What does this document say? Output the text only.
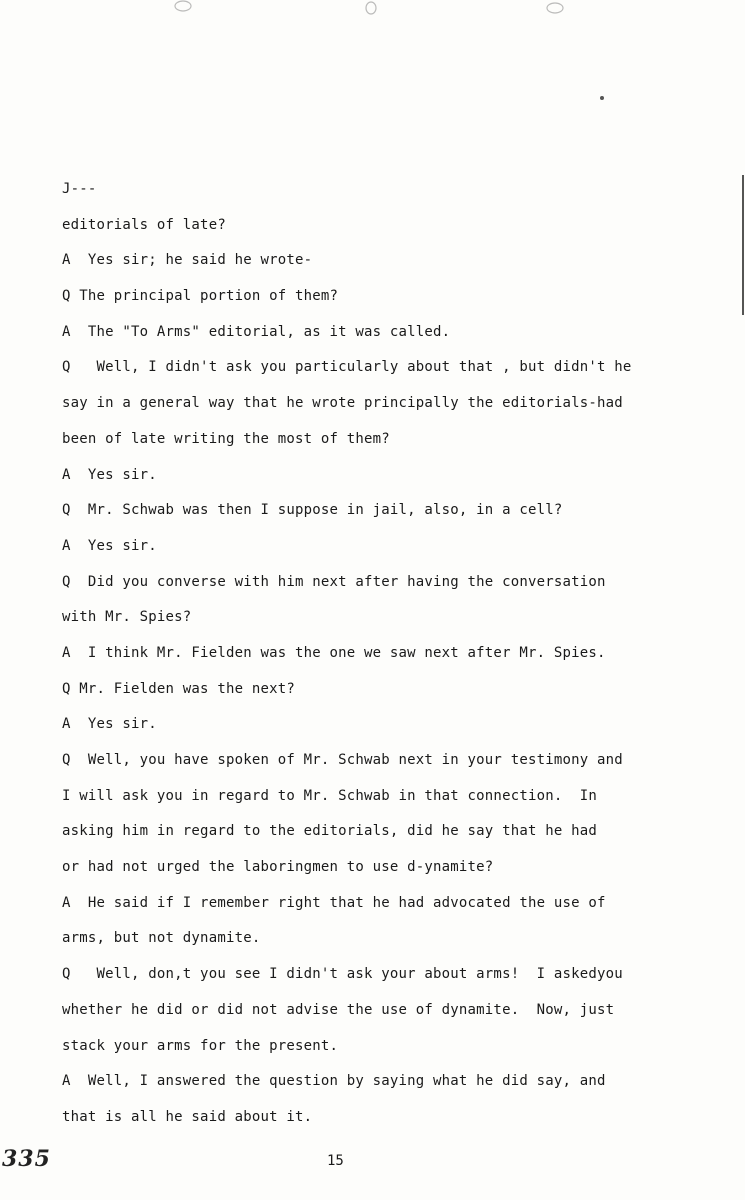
J---
editorials of late?
A  Yes sir; he said he wrote-
Q The principal portion of them?
A  The "To Arms" editorial, as it was called.
Q   Well, I didn't ask you particularly about that , but didn't he
say in a general way that he wrote principally the editorials-had
been of late writing the most of them?
A  Yes sir.
Q  Mr. Schwab was then I suppose in jail, also, in a cell?
A  Yes sir.
Q  Did you converse with him next after having the conversation
with Mr. Spies?
A  I think Mr. Fielden was the one we saw next after Mr. Spies.
Q Mr. Fielden was the next?
A  Yes sir.
Q  Well, you have spoken of Mr. Schwab next in your testimony and
I will ask you in regard to Mr. Schwab in that connection.  In
asking him in regard to the editorials, did he say that he had
or had not urged the laboringmen to use d-ynamite?
A  He said if I remember right that he had advocated the use of
arms, but not dynamite.
Q   Well, don,t you see I didn't ask your about arms!  I askedyou
whether he did or did not advise the use of dynamite.  Now, just
stack your arms for the present.
A  Well, I answered the question by saying what he did say, and
that is all he said about it.
335	15
